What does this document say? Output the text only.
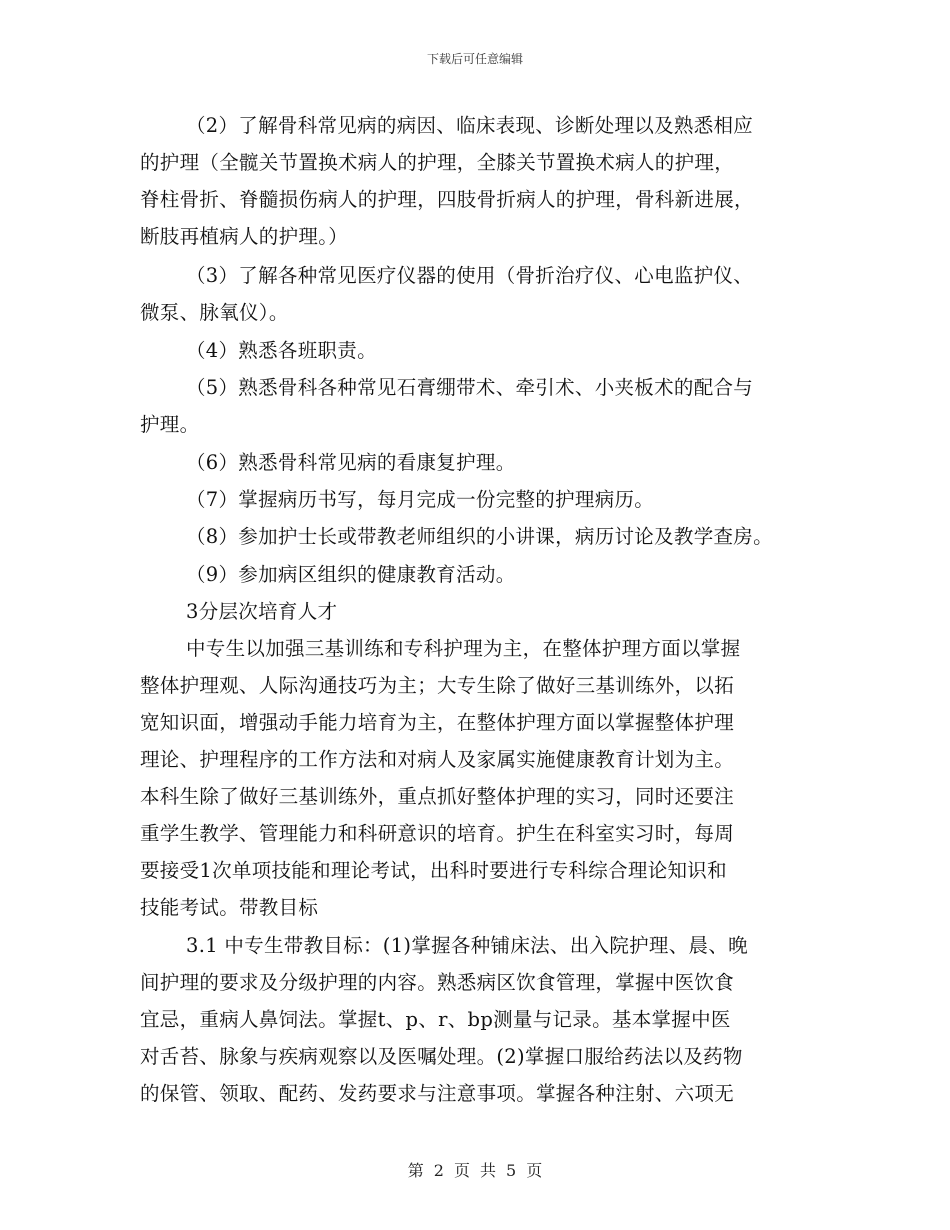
下载后可任意编辑
（2）了解骨科常见病的病因、临床表现、诊断处理以及熟悉相应
的护理（全髋关节置换术病人的护理，全膝关节置换术病人的护理，
脊柱骨折、脊髓损伤病人的护理，四肢骨折病人的护理，骨科新进展，
断肢再植病人的护理。）
（3）了解各种常见医疗仪器的使用（骨折治疗仪、心电监护仪、
微泵、脉氧仪）。
（4）熟悉各班职责。
（5）熟悉骨科各种常见石膏绷带术、牵引术、小夹板术的配合与
护理。
（6）熟悉骨科常见病的看康复护理。
（7）掌握病历书写，每月完成一份完整的护理病历。
（8）参加护士长或带教老师组织的小讲课，病历讨论及教学查房。
（9）参加病区组织的健康教育活动。
3分层次培育人才
中专生以加强三基训练和专科护理为主，在整体护理方面以掌握
整体护理观、人际沟通技巧为主；大专生除了做好三基训练外，以拓
宽知识面，增强动手能力培育为主，在整体护理方面以掌握整体护理
理论、护理程序的工作方法和对病人及家属实施健康教育计划为主。
本科生除了做好三基训练外，重点抓好整体护理的实习，同时还要注
重学生教学、管理能力和科研意识的培育。护生在科室实习时，每周
要接受1次单项技能和理论考试，出科时要进行专科综合理论知识和
技能考试。带教目标
3.1 中专生带教目标：(1)掌握各种铺床法、出入院护理、晨、晚
间护理的要求及分级护理的内容。熟悉病区饮食管理，掌握中医饮食
宜忌，重病人鼻饲法。掌握t、p、r、bp测量与记录。基本掌握中医
对舌苔、脉象与疾病观察以及医嘱处理。(2)掌握口服给药法以及药物
的保管、领取、配药、发药要求与注意事项。掌握各种注射、六项无
第 2 页 共 5 页
